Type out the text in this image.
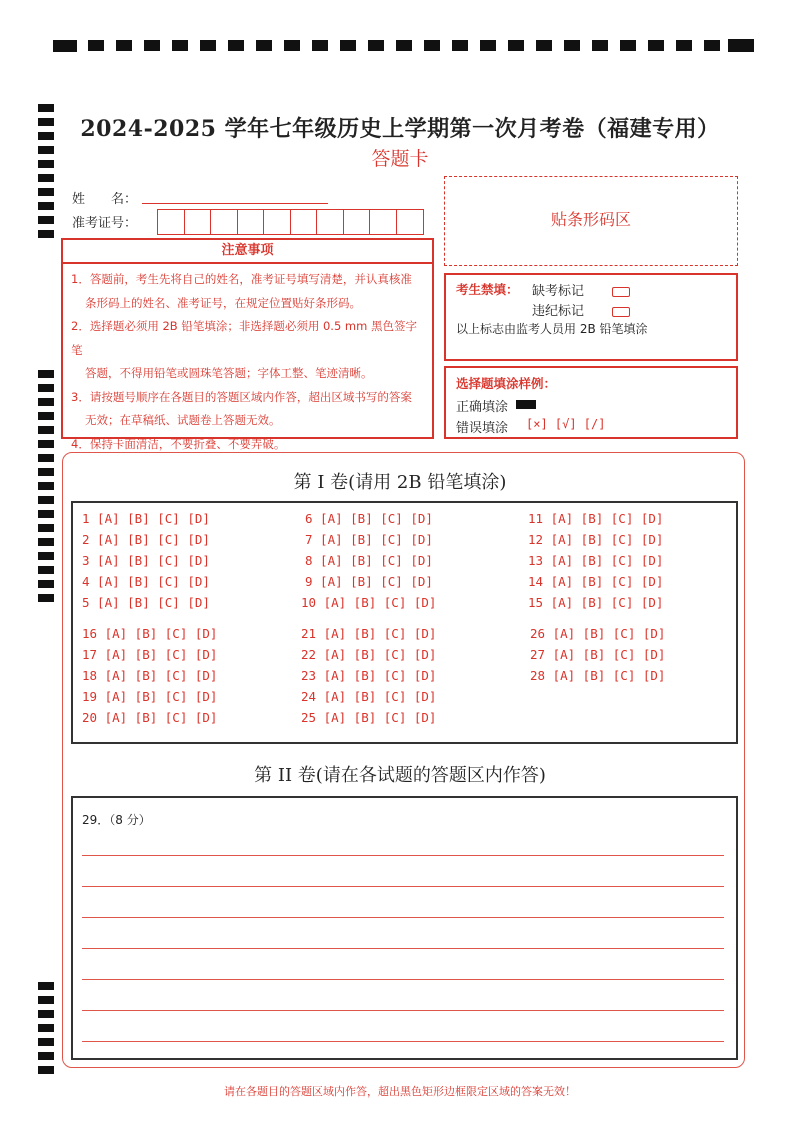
2024-2025 学年七年级历史上学期第一次月考卷（福建专用）
答题卡
姓　　名：
准考证号：
注意事项

1．答题前，考生先将自己的姓名，准考证号填写清楚，并认真核准

条形码上的姓名、准考证号，在规定位置贴好条形码。

2．选择题必须用 2B 铅笔填涂；非选择题必须用 0.5 mm 黑色签字笔

答题，不得用铅笔或圆珠笔答题；字体工整、笔迹清晰。

3．请按题号顺序在各题目的答题区域内作答，超出区域书写的答案

无效；在草稿纸、试题卷上答题无效。

4．保持卡面清洁，不要折叠、不要弄破。

贴条形码区
考生禁填： 缺考标记
违纪标记
以上标志由监考人员用 2B 铅笔填涂
选择题填涂样例：
正确填涂
错误填涂 [×] [√] [/]
第 I 卷(请用 2B 铅笔填涂)
1 [A] [B] [C] [D]	6 [A] [B] [C] [D]	11 [A] [B] [C] [D]
2 [A] [B] [C] [D]	7 [A] [B] [C] [D]	12 [A] [B] [C] [D]
3 [A] [B] [C] [D]	8 [A] [B] [C] [D]	13 [A] [B] [C] [D]
4 [A] [B] [C] [D]	9 [A] [B] [C] [D]	14 [A] [B] [C] [D]
5 [A] [B] [C] [D]	10 [A] [B] [C] [D]	15 [A] [B] [C] [D]
16 [A] [B] [C] [D]	21 [A] [B] [C] [D]	26 [A] [B] [C] [D]
17 [A] [B] [C] [D]	22 [A] [B] [C] [D]	27 [A] [B] [C] [D]
18 [A] [B] [C] [D]	23 [A] [B] [C] [D]	28 [A] [B] [C] [D]
19 [A] [B] [C] [D]	24 [A] [B] [C] [D]
20 [A] [B] [C] [D]	25 [A] [B] [C] [D]
第 II 卷(请在各试题的答题区内作答)
29．（8 分）
请在各题目的答题区域内作答，超出黑色矩形边框限定区域的答案无效！
